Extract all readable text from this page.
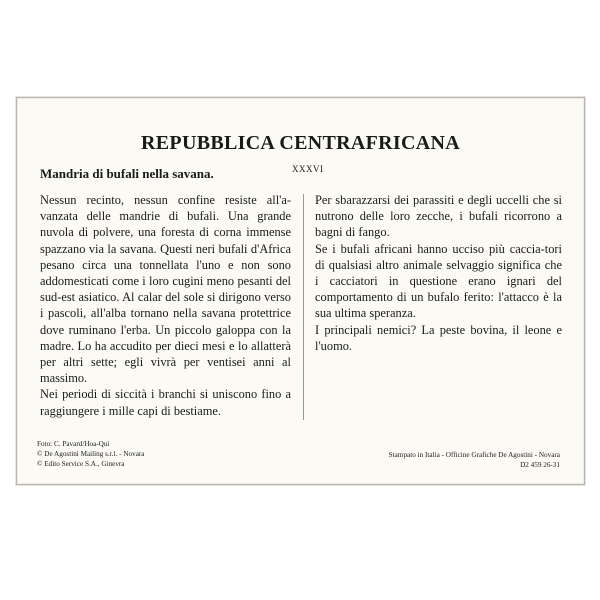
REPUBBLICA CENTRAFRICANA
Mandria di bufali nella savana.	XXXVI

Nessun recinto, nessun confine resiste all'a-vanzata delle mandrie di bufali. Una grande nuvola di polvere, una foresta di corna immense spazzano via la savana. Questi neri bufali d'Africa pesano circa una tonnellata l'uno e non sono addomesticati come i loro cugini meno pesanti del sud-est asiatico. Al calar del sole si dirigono verso i pascoli, all'alba tornano nella savana protettrice dove ruminano l'erba. Un piccolo galoppa con la madre. Lo ha accudito per dieci mesi e lo allatterà per altri sette; egli vivrà per ventisei anni al massimo.

Nei periodi di siccità i branchi si uniscono fino a raggiungere i mille capi di bestiame.

Per sbarazzarsi dei parassiti e degli uccelli che si nutrono delle loro zecche, i bufali ricorrono a bagni di fango.

Se i bufali africani hanno ucciso più caccia-tori di qualsiasi altro animale selvaggio significa che i cacciatori in questione erano ignari del comportamento di un bufalo ferito: l'attacco è la sua ultima speranza.

I principali nemici? La peste bovina, il leone e l'uomo.

Foto: C. Pavard/Hoa-Qui
© De Agostini Mailing s.r.l. - Novara
© Edito Service S.A., Ginevra
Stampato in Italia - Officine Grafiche De Agostini - Novara
D2 459 26-31
